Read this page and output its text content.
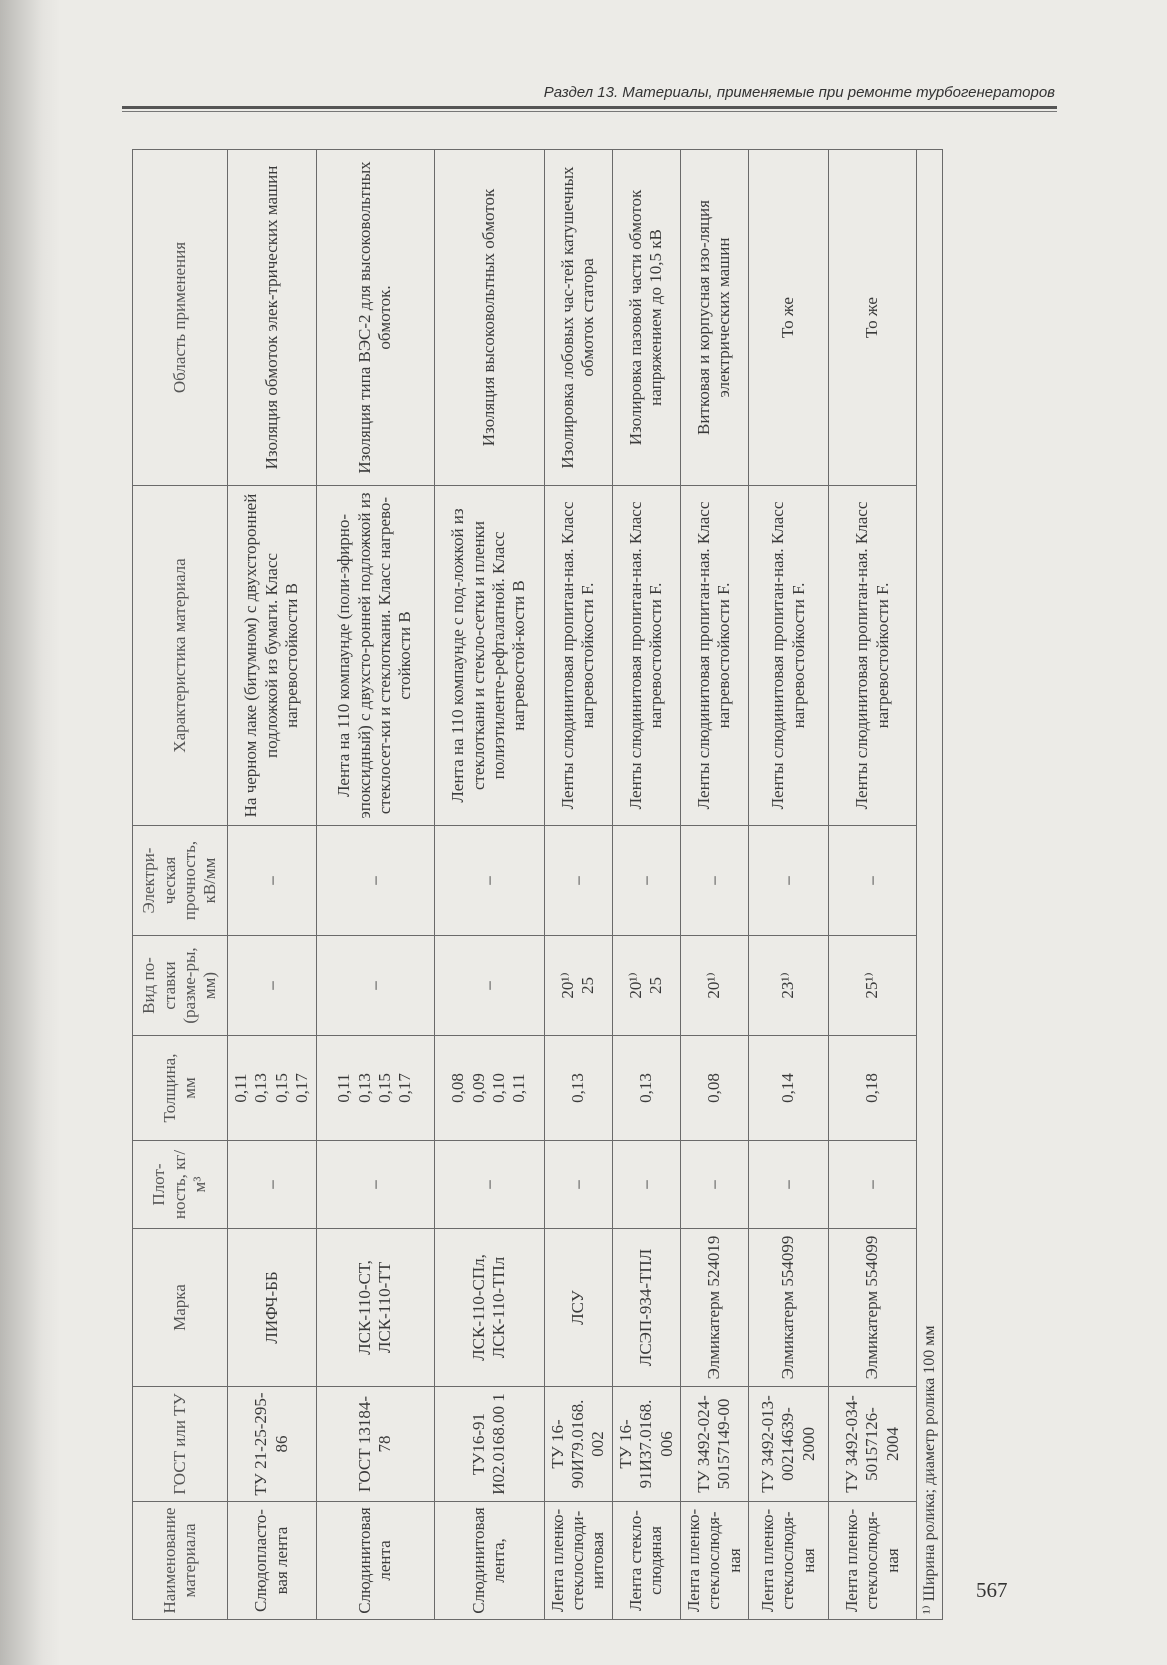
Раздел 13. Материалы, применяемые при ремонте турбогенераторов
Наименование материала	ГОСТ или ТУ	Марка	Плот-ность, кг/м³	Толщина, мм	Вид по-ставки (разме-ры, мм)	Электри-ческая прочность, кВ/мм	Характеристика материала	Область применения
Слюдопласто-вая лента	ТУ 21-25-295-86	ЛИФЧ-ББ	–	0,11 0,13 0,15 0,17	–	–	На черном лаке (битумном) с двухсторонней подложкой из бумаги. Класс нагревостойкости В	Изоляция обмоток элек-трических машин
Слюдинитовая лента	ГОСТ 13184-78	ЛСК-110-СТ, ЛСК-110-ТТ	–	0,11 0,13 0,15 0,17	–	–	Лента на 110 компаунде (поли-эфирно-эпоксидный) с двухсто-ронней подложкой из стеклосет-ки и стеклоткани. Класс нагрево-стойкости В	Изоляция типа ВЭС-2 для высоковольтных обмоток.
Слюдинитовая лента,	ТУ16-91 И02.0168.00 1	ЛСК-110-СПл, ЛСК-110-ТПл	–	0,08 0,09 0,10 0,11	–	–	Лента на 110 компаунде с под-ложкой из стеклоткани и стекло-сетки и пленки полиэтиленте-рефталатной. Класс нагревостой-кости В	Изоляция высоковольтных обмоток
Лента пленко-стеклослюди-нитовая	ТУ 16-90И79.0168. 002	ЛСУ	–	0,13	20¹⁾ 25	–	Ленты слюдинитовая пропитан-ная. Класс нагревостойкости F.	Изолировка лобовых час-тей катушечных обмоток статора
Лента стекло-слюдяная	ТУ 16-91И37.0168. 006	ЛСЭП-934-ТПЛ	–	0,13	20¹⁾ 25	–	Ленты слюдинитовая пропитан-ная. Класс нагревостойкости F.	Изолировка пазовой части обмоток напряжением до 10,5 кВ
Лента пленко-стеклослюдя-ная	ТУ 3492-024-50157149-00	Элмикатерм 524019	–	0,08	20¹⁾	–	Ленты слюдинитовая пропитан-ная. Класс нагревостойкости F.	Витковая и корпусная изо-ляция электрических машин
Лента пленко-стеклослюдя-ная	ТУ 3492-013-00214639-2000	Элмикатерм 554099	–	0,14	23¹⁾	–	Ленты слюдинитовая пропитан-ная. Класс нагревостойкости F.	То же
Лента пленко-стеклослюдя-ная	ТУ 3492-034-50157126-2004	Элмикатерм 554099	–	0,18	25¹⁾	–	Ленты слюдинитовая пропитан-ная. Класс нагревостойкости F.	То же
¹⁾ Ширина ролика; диаметр ролика 100 мм								567
